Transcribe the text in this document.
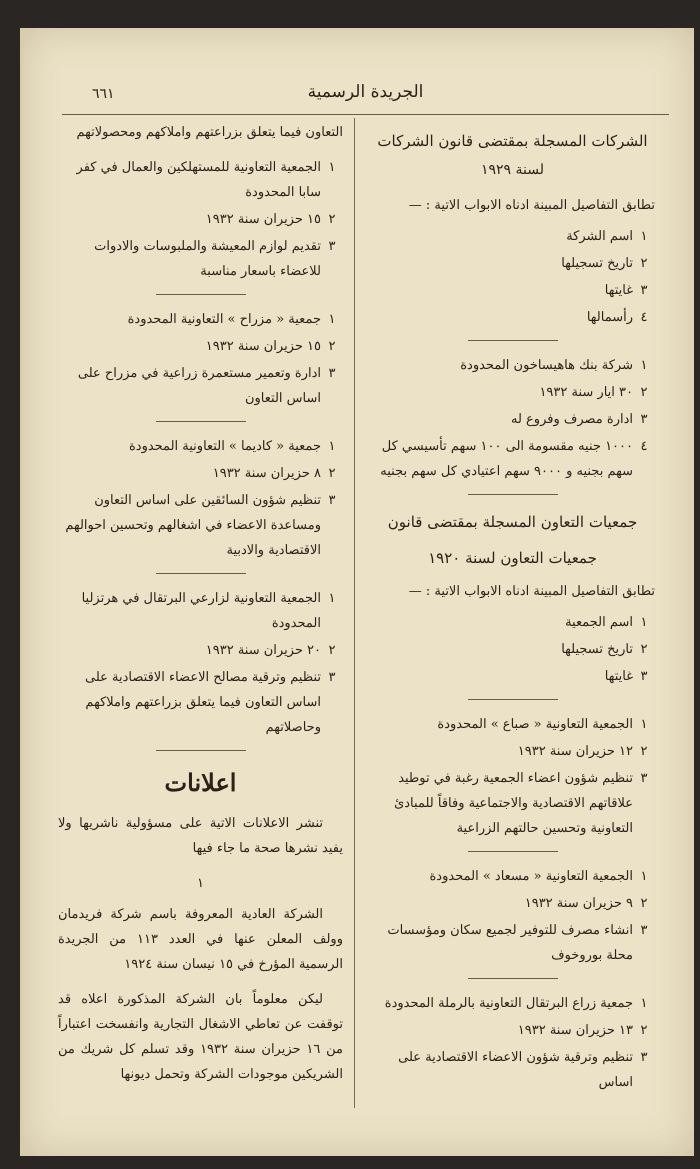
الجريدة الرسمية
٦٦١
الشركات المسجلة بمقتضى قانون الشركات
لسنة ١٩٢٩
تطابق التفاصيل المبينة ادناه الابواب الاتية : —
١
اسم الشركة
٢
تاريخ تسجيلها
٣
غايتها
٤
رأسمالها
١
شركة بنك هاهيساخون المحدودة
٢
٣٠ ايار سنة ١٩٣٢
٣
ادارة مصرف وفروع له
٤
١٠٠٠ جنيه مقسومة الى ١٠٠ سهم تأسيسي كل سهم بجنيه و ٩٠٠٠ سهم اعتيادي كل سهم بجنيه
جمعيات التعاون المسجلة بمقتضى قانون
جمعيات التعاون لسنة ١٩٢٠
تطابق التفاصيل المبينة ادناه الابواب الاتية : —
١
اسم الجمعية
٢
تاريخ تسجيلها
٣
غايتها
١
الجمعية التعاونية « صباع » المحدودة
٢
١٢ حزيران سنة ١٩٣٢
٣
تنظيم شؤون اعضاء الجمعية رغبة في توطيد علاقاتهم الاقتصادية والاجتماعية وفاقاً للمبادئ التعاونية وتحسين حالتهم الزراعية
١
الجمعية التعاونية « مسعاد » المحدودة
٢
٩ حزيران سنة ١٩٣٢
٣
انشاء مصرف للتوفير لجميع سكان ومؤسسات محلة بوروخوف
١
جمعية زراع البرتقال التعاونية بالرملة المحدودة
٢
١٣ حزيران سنة ١٩٣٢
٣
تنظيم وترقية شؤون الاعضاء الاقتصادية على اساس
التعاون فيما يتعلق بزراعتهم واملاكهم ومحصولاتهم
١
الجمعية التعاونية للمستهلكين والعمال في كفر سابا المحدودة
٢
١٥ حزيران سنة ١٩٣٢
٣
تقديم لوازم المعيشة والملبوسات والادوات للاعضاء باسعار مناسبة
١
جمعية « مزراح » التعاونية المحدودة
٢
١٥ حزيران سنة ١٩٣٢
٣
ادارة وتعمير مستعمرة زراعية في مزراح على اساس التعاون
١
جمعية « كاديما » التعاونية المحدودة
٢
٨ حزيران سنة ١٩٣٢
٣
تنظيم شؤون السائقين على اساس التعاون ومساعدة الاعضاء في اشغالهم وتحسين احوالهم الاقتصادية والادبية
١
الجمعية التعاونية لزارعي البرتقال في هرتزليا المحدودة
٢
٢٠ حزيران سنة ١٩٣٢
٣
تنظيم وترقية مصالح الاعضاء الاقتصادية على اساس التعاون فيما يتعلق بزراعتهم واملاكهم وحاصلاتهم
اعلانات
تنشر الاعلانات الاتية على مسؤولية ناشريها ولا يفيد نشرها صحة ما جاء فيها
١
الشركة العادية المعروفة باسم شركة فريدمان وولف المعلن عنها في العدد ١١٣ من الجريدة الرسمية المؤرخ في ١٥ نيسان سنة ١٩٢٤
ليكن معلوماً بان الشركة المذكورة اعلاه قد توقفت عن تعاطي الاشغال التجارية وانفسخت اعتباراً من ١٦ حزيران سنة ١٩٣٢ وقد تسلم كل شريك من الشريكين موجودات الشركة وتحمل ديونها
